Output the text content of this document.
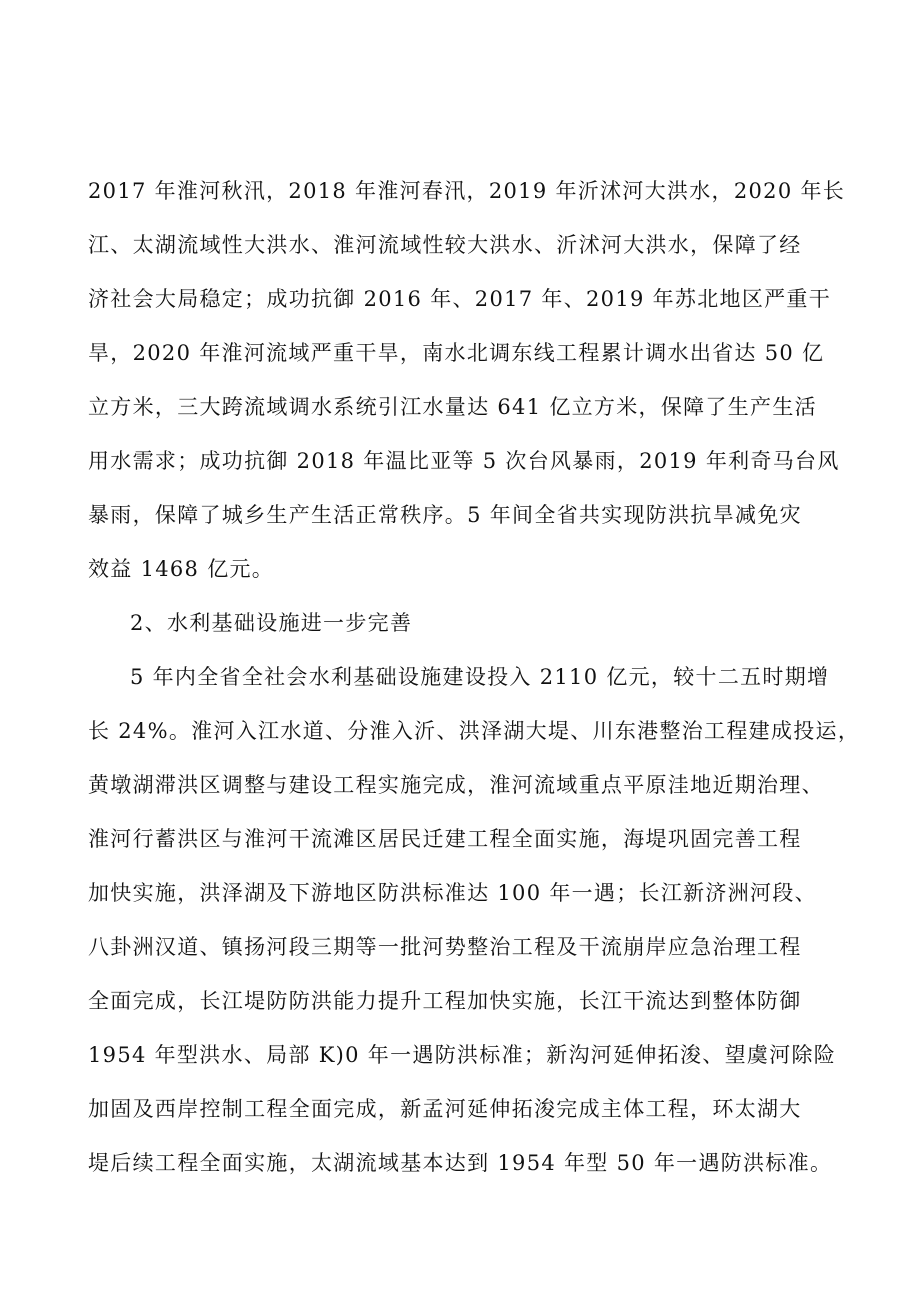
2017 年淮河秋汛，2018 年淮河春汛，2019 年沂沭河大洪水，2020 年长
江、太湖流域性大洪水、淮河流域性较大洪水、沂沭河大洪水，保障了经
济社会大局稳定；成功抗御 2016 年、2017 年、2019 年苏北地区严重干
旱，2020 年淮河流域严重干旱，南水北调东线工程累计调水出省达 50 亿
立方米，三大跨流域调水系统引江水量达 641 亿立方米，保障了生产生活
用水需求；成功抗御 2018 年温比亚等 5 次台风暴雨，2019 年利奇马台风
暴雨，保障了城乡生产生活正常秩序。5 年间全省共实现防洪抗旱减免灾
效益 1468 亿元。
2、水利基础设施进一步完善
5 年内全省全社会水利基础设施建设投入 2110 亿元，较十二五时期增
长 24%。淮河入江水道、分淮入沂、洪泽湖大堤、川东港整治工程建成投运，
黄墩湖滞洪区调整与建设工程实施完成，淮河流域重点平原洼地近期治理、
淮河行蓄洪区与淮河干流滩区居民迁建工程全面实施，海堤巩固完善工程
加快实施，洪泽湖及下游地区防洪标准达 100 年一遇；长江新济洲河段、
八卦洲汉道、镇扬河段三期等一批河势整治工程及干流崩岸应急治理工程
全面完成，长江堤防防洪能力提升工程加快实施，长江干流达到整体防御
1954 年型洪水、局部 K)0 年一遇防洪标准；新沟河延伸拓浚、望虞河除险
加固及西岸控制工程全面完成，新孟河延伸拓浚完成主体工程，环太湖大
堤后续工程全面实施，太湖流域基本达到 1954 年型 50 年一遇防洪标准。
